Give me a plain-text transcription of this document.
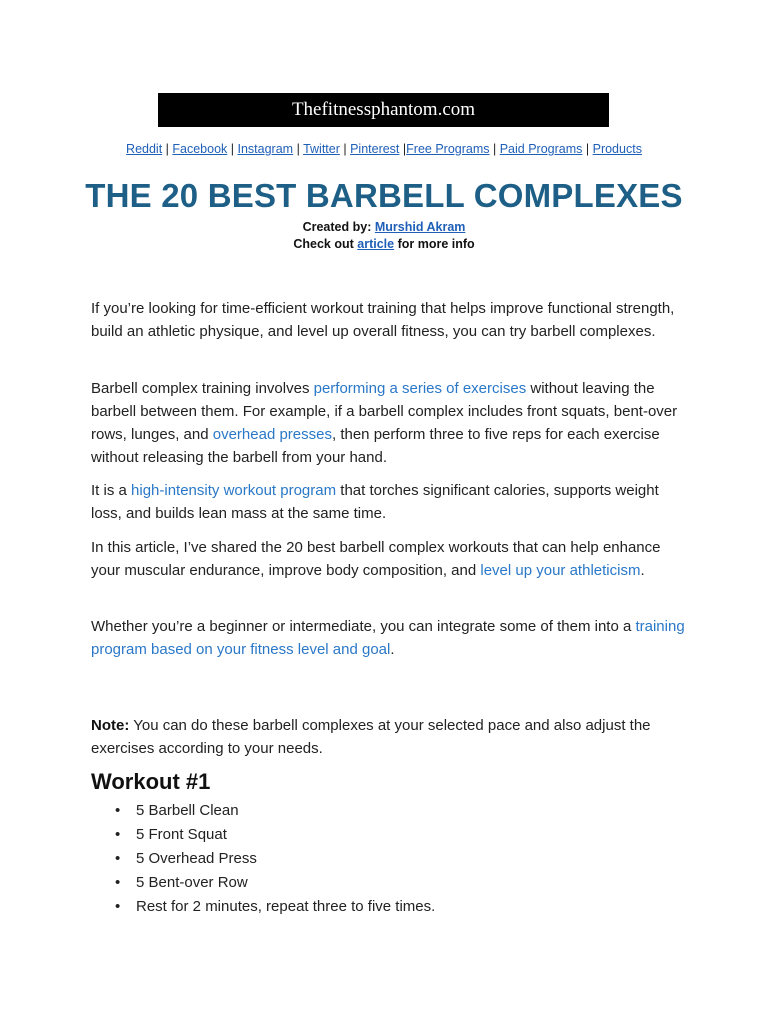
Thefitnessphantom.com
Reddit | Facebook | Instagram | Twitter | Pinterest |Free Programs | Paid Programs | Products
THE 20 BEST BARBELL COMPLEXES
Created by: Murshid Akram
Check out article for more info

If you’re looking for time-efficient workout training that helps improve functional strength, build an athletic physique, and level up overall fitness, you can try barbell complexes.

Barbell complex training involves performing a series of exercises without leaving the barbell between them. For example, if a barbell complex includes front squats, bent-over rows, lunges, and overhead presses, then perform three to five reps for each exercise without releasing the barbell from your hand.

It is a high-intensity workout program that torches significant calories, supports weight loss, and builds lean mass at the same time.

In this article, I’ve shared the 20 best barbell complex workouts that can help enhance your muscular endurance, improve body composition, and level up your athleticism.

Whether you’re a beginner or intermediate, you can integrate some of them into a training program based on your fitness level and goal.

Note: You can do these barbell complexes at your selected pace and also adjust the exercises according to your needs.

Workout #1
• 5 Barbell Clean
• 5 Front Squat
• 5 Overhead Press
• 5 Bent-over Row
• Rest for 2 minutes, repeat three to five times.
